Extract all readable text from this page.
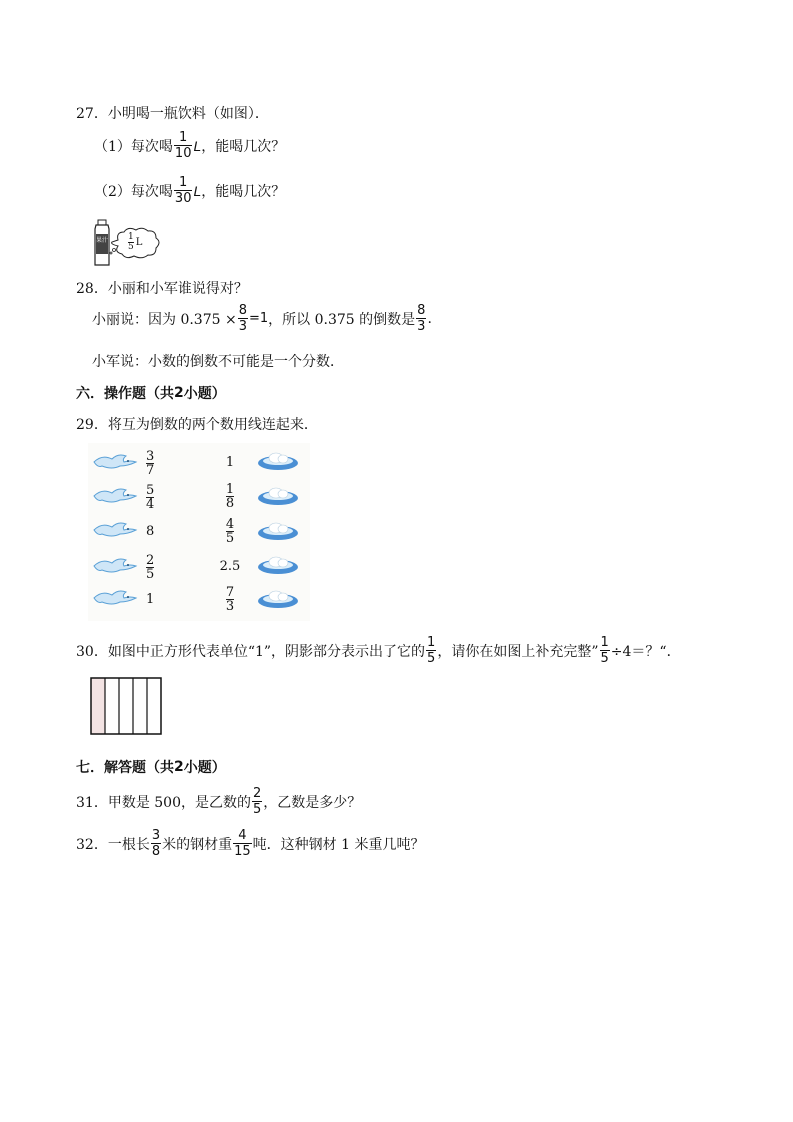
27．小明喝一瓶饮料（如图）．
（1）每次喝 $\frac{1}{10}$ L ，能喝几次？
（2）每次喝 $\frac{1}{30}$ L ，能喝几次？
果汁 1
5 L
28．小丽和小军谁说得对？
小丽说：因为 $0.375 \times \frac{8}{3} =1$ ，所以 0.375 的倒数是 $\frac{8}{3}$ .
小军说：小数的倒数不可能是一个分数．
六．操作题（共 2 小题）
29．将互为倒数的两个数用线连起来．
$\frac{3}{7}$
$\frac{5}{4}$
8
$\frac{2}{5}$
1
1
1
8
4
5
2.5
7
3
30．如图中正方形代表单位“1”，阴影部分表示出了它的 $\frac{1}{5}$ ，请你在如图上补充完整” $\frac{1}{5} \div 4=$？“．
七．解答题（共 2 小题）
31．甲数是 500，是乙数的 $\frac{2}{5}$ ，乙数是多少？
32．一根长 $\frac{3}{8}$ 米的钢材重 $\frac{4}{15}$ 吨．这种钢材 1 米重几吨？
